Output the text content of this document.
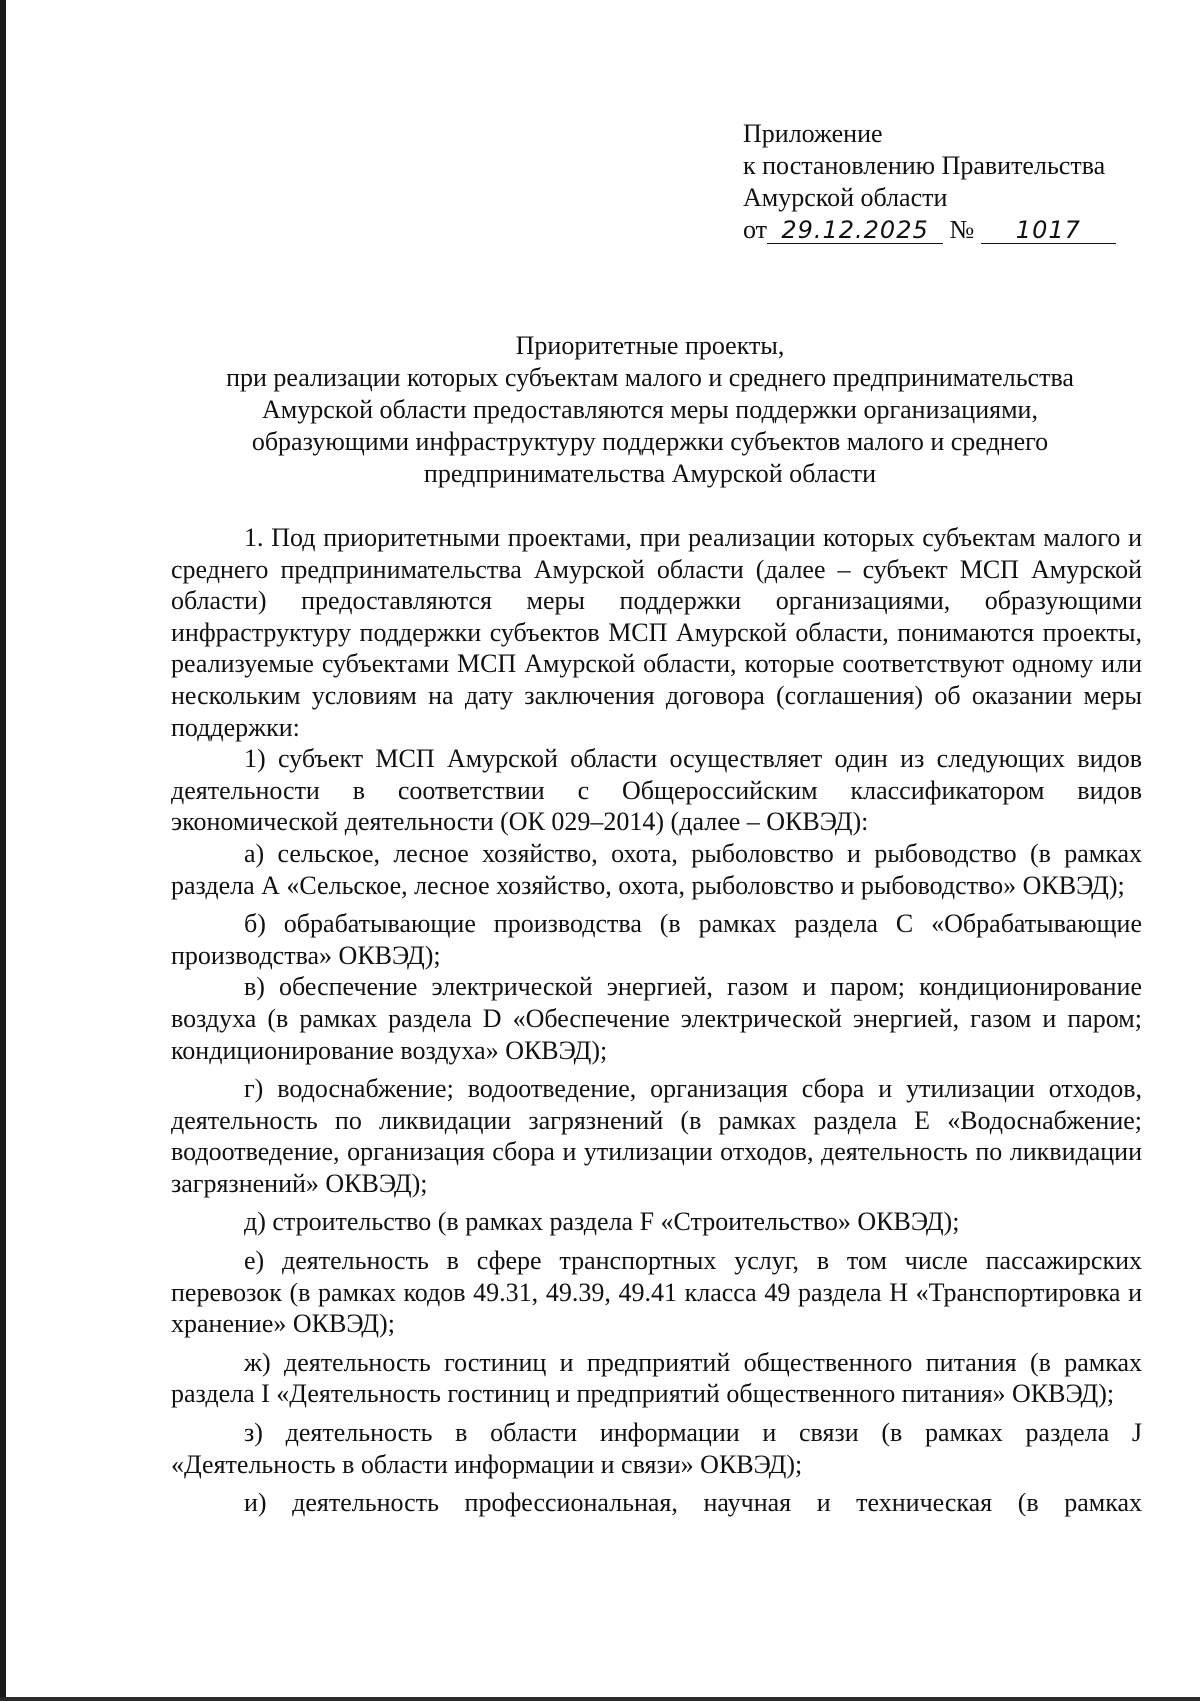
Приложение
к постановлению Правительства
Амурской области
от 29.12.2025 № 1017
Приоритетные проекты,
при реализации которых субъектам малого и среднего предпринимательства
Амурской области предоставляются меры поддержки организациями,
образующими инфраструктуру поддержки субъектов малого и среднего
предпринимательства Амурской области

1. Под приоритетными проектами, при реализации которых субъектам малого и среднего предпринимательства Амурской области (далее – субъект МСП Амурской области) предоставляются меры поддержки организациями, образующими инфраструктуру поддержки субъектов МСП Амурской области, понимаются проекты, реализуемые субъектами МСП Амурской области, которые соответствуют одному или нескольким условиям на дату заключения договора (соглашения) об оказании меры поддержки:

1) субъект МСП Амурской области осуществляет один из следующих видов деятельности в соответствии с Общероссийским классификатором видов экономической деятельности (ОК 029–2014) (далее – ОКВЭД):

а) сельское, лесное хозяйство, охота, рыболовство и рыбоводство (в рамках раздела А «Сельское, лесное хозяйство, охота, рыболовство и рыбоводство» ОКВЭД);

б) обрабатывающие производства (в рамках раздела С «Обрабатывающие производства» ОКВЭД);

в) обеспечение электрической энергией, газом и паром; кондиционирование воздуха (в рамках раздела D «Обеспечение электрической энергией, газом и паром; кондиционирование воздуха» ОКВЭД);

г) водоснабжение; водоотведение, организация сбора и утилизации отходов, деятельность по ликвидации загрязнений (в рамках раздела Е «Водоснабжение; водоотведение, организация сбора и утилизации отходов, деятельность по ликвидации загрязнений» ОКВЭД);

д) строительство (в рамках раздела F «Строительство» ОКВЭД);

е) деятельность в сфере транспортных услуг, в том числе пассажирских перевозок (в рамках кодов 49.31, 49.39, 49.41 класса 49 раздела Н «Транспортировка и хранение» ОКВЭД);

ж) деятельность гостиниц и предприятий общественного питания (в рамках раздела I «Деятельность гостиниц и предприятий общественного питания» ОКВЭД);

з) деятельность в области информации и связи (в рамках раздела J «Деятельность в области информации и связи» ОКВЭД);

и) деятельность профессиональная, научная и техническая (в рамках
